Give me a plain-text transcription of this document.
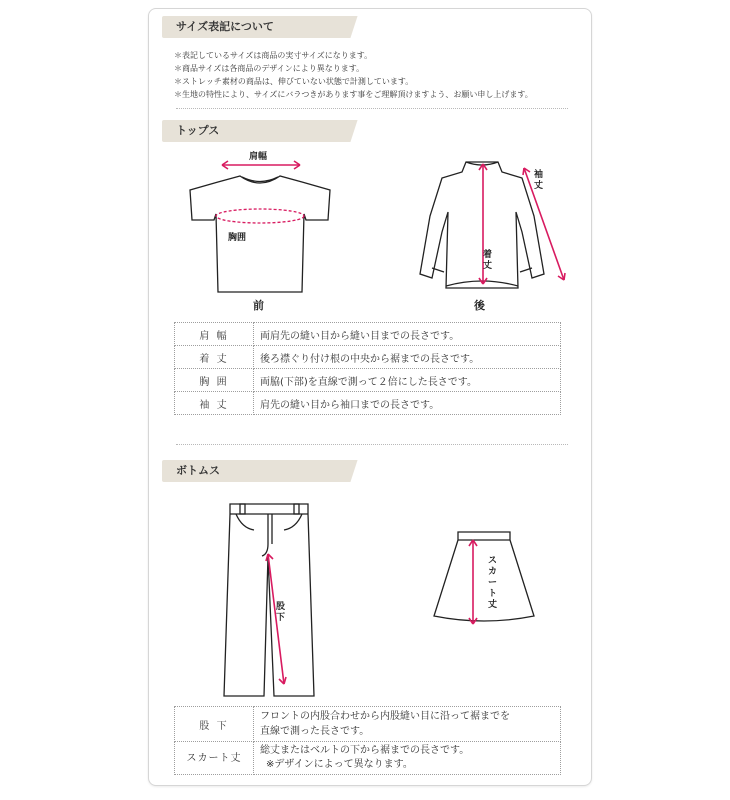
サイズ表記について
＊表記しているサイズは商品の実寸サイズになります。
＊商品サイズは各商品のデザインにより異なります。
＊ストレッチ素材の商品は、伸びていない状態で計測しています。
＊生地の特性により、サイズにバラつきがあります事をご理解頂けますよう、お願い申し上げます。
トップス
肩幅
胸囲
前
着丈
袖丈
後
肩 幅	両肩先の縫い目から縫い目までの長さです。
着 丈	後ろ襟ぐり付け根の中央から裾までの長さです。
胸 囲	両脇(下部)を直線で測って２倍にした長さです。
袖 丈	肩先の縫い目から袖口までの長さです。
ボトムス
股下
スカート丈
股 下	フロントの内股合わせから内股縫い目に沿って裾までを
直線で測った長さです。

スカート丈	総丈またはベルトの下から裾までの長さです。
※デザインによって異なります。
